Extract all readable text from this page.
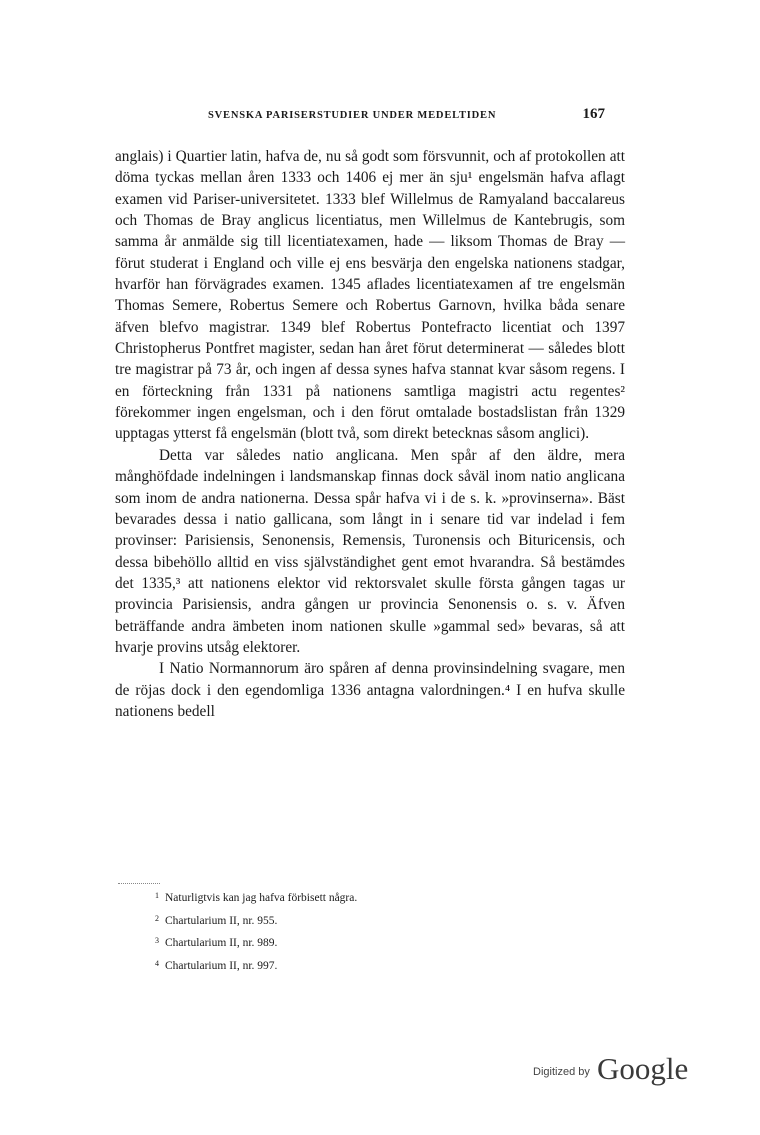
SVENSKA PARISERSTUDIER UNDER MEDELTIDEN	167

anglais) i Quartier latin, hafva de, nu så godt som försvunnit, och af protokollen att döma tyckas mellan åren 1333 och 1406 ej mer än sju¹ engelsmän hafva aflagt examen vid Pariser-universitetet. 1333 blef Willelmus de Ramyaland baccalareus och Thomas de Bray anglicus licentiatus, men Willelmus de Kantebrugis, som samma år anmälde sig till licentiatexamen, hade — liksom Thomas de Bray — förut studerat i England och ville ej ens besvärja den engelska nationens stadgar, hvarför han förvägrades examen. 1345 aflades licentiatexamen af tre engelsmän Thomas Semere, Robertus Semere och Robertus Garnovn, hvilka båda senare äfven blefvo magistrar. 1349 blef Robertus Pontefracto licentiat och 1397 Christopherus Pontfret magister, sedan han året förut determinerat — således blott tre magistrar på 73 år, och ingen af dessa synes hafva stannat kvar såsom regens. I en förteckning från 1331 på nationens samtliga magistri actu regentes² förekommer ingen engelsman, och i den förut omtalade bostadslistan från 1329 upptagas ytterst få engelsmän (blott två, som direkt betecknas såsom anglici).

Detta var således natio anglicana. Men spår af den äldre, mera månghöfdade indelningen i landsmanskap finnas dock såväl inom natio anglicana som inom de andra nationerna. Dessa spår hafva vi i de s. k. »provinserna». Bäst bevarades dessa i natio gallicana, som långt in i senare tid var indelad i fem provinser: Parisiensis, Senonensis, Remensis, Turonensis och Bituricensis, och dessa bibehöllo alltid en viss självständighet gent emot hvarandra. Så bestämdes det 1335,³ att nationens elektor vid rektorsvalet skulle första gången tagas ur provincia Parisiensis, andra gången ur provincia Senonensis o. s. v. Äfven beträffande andra ämbeten inom nationen skulle »gammal sed» bevaras, så att hvarje provins utsåg elektorer.

I Natio Normannorum äro spåren af denna provinsindelning svagare, men de röjas dock i den egendomliga 1336 antagna valordningen.⁴ I en hufva skulle nationens bedell

$^1$ Naturligtvis kan jag hafva förbisett några.
$^2$ Chartularium II, nr. 955.
$^3$ Chartularium II, nr. 989.
$^4$ Chartularium II, nr. 997.
$^{Digitized by}$ Google
